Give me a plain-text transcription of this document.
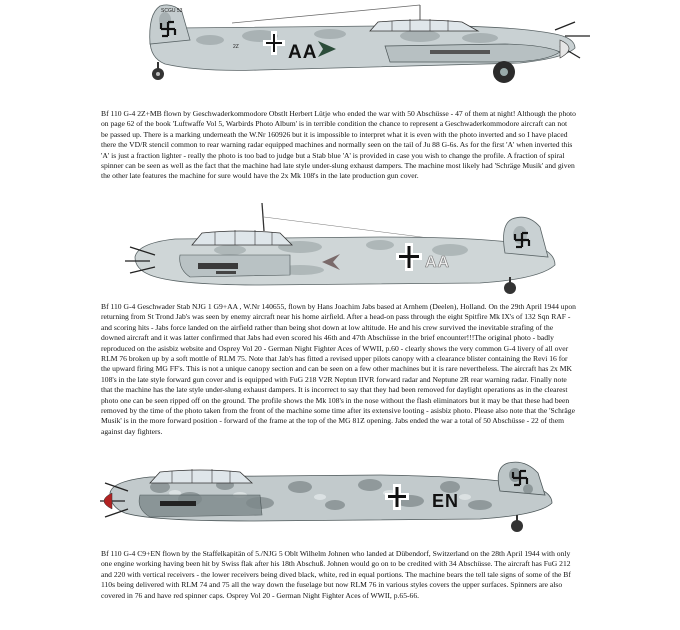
SCGU 53
2Z	AA

Bf 110 G-4 2Z+MB flown by Geschwaderkommodore Obstlt Herbert Lütje who ended the war with 50 Abschüsse - 47 of them at night! Although the photo on page 62 of the book 'Luftwaffe Vol 5, Warbirds Photo Album' is in terrible condition the chance to represent a Geschwaderkommodore aircraft can not be passed up. There is a marking underneath the W.Nr 160926 but it is impossible to interpret what it is even with the photo inverted and so I have placed there the VD/R stencil common to rear warning radar equipped machines and normally seen on the tail of Ju 88 G-6s. As for the first 'A' when inverted this 'A' is just a fraction lighter - really the photo is too bad to judge but a Stab blue 'A' is provided in case you wish to change the profile. A fraction of spiral spinner can be seen as well as the fact that the machine had late style under-slung exhaust dampers. The machine most likely had 'Schräge Musik' and given the other late features the machine for sure would have the 2x Mk 108's in the late production gun cover.

AA

Bf 110 G-4 Geschwader Stab NJG 1 G9+AA , W.Nr 140655, flown by Hans Joachim Jabs based at Arnhem (Deelen), Holland. On the 29th April 1944 upon returning from St Trond Jab's was seen by enemy aircraft near his home airfield. After a head-on pass through the eight Spitfire Mk IX's of 132 Sqn RAF - and scoring hits - Jabs force landed on the airfield rather than being shot down at low altitude. He and his crew survived the inevitable strafing of the downed aircraft and it was latter confirmed that Jabs had even scored his 46th and 47th Abschüsse in the brief encounter!!!The original photo - badly reproduced on the asisbiz website and Osprey Vol 20 - German Night Fighter Aces of WWII, p.60 - clearly shows the very common G-4 livery of all over RLM 76 broken up by a soft mottle of RLM 75. Note that Jab's has fitted a revised upper pilots canopy with a clearance blister containing the Revi 16 for the upward firing MG FF's. This is not a unique canopy section and can be seen on a few other machines but it is rare nevertheless. The aircraft has 2x MK 108's in the late style forward gun cover and is equipped with FuG 218 V2R Neptun IIVR forward radar and Neptune 2R rear warning radar. Finally note that the machine has the late style under-slung exhaust dampers. It is incorrect to say that they had been removed for daylight operations as in the clearest photo one can be seen ripped off on the ground. The profile shows the Mk 108's in the nose without the flash eliminators but it may be that these had been removed by the time of the photo taken from the front of the machine some time after its extensive looting - asisbiz photo. Please also note that the 'Schräge Musik' is in the more forward position - forward of the frame at the top of the MG 81Z opening. Jabs ended the war a total of 50 Abschüsse - 22 of them against day fighters.

EN

Bf 110 G-4 C9+EN flown by the Staffelkapitän of 5./NJG 5 Oblt Wilhelm Johnen who landed at Dübendorf, Switzerland on the 28th April 1944 with only one engine working having been hit by Swiss flak after his 18th Abschuß. Johnen would go on to be credited with 34 Abschüsse. The aircraft has FuG 212 and 220 with vertical receivers - the lower receivers being dived black, white, red in equal portions. The machine bears the tell tale signs of some of the Bf 110s being delivered with RLM 74 and 75 all the way down the fuselage but now RLM 76 in various styles covers the upper surfaces. Spinners are also covered in 76 and have red spinner caps. Osprey Vol 20 - German Night Fighter Aces of WWII, p.65-66.
